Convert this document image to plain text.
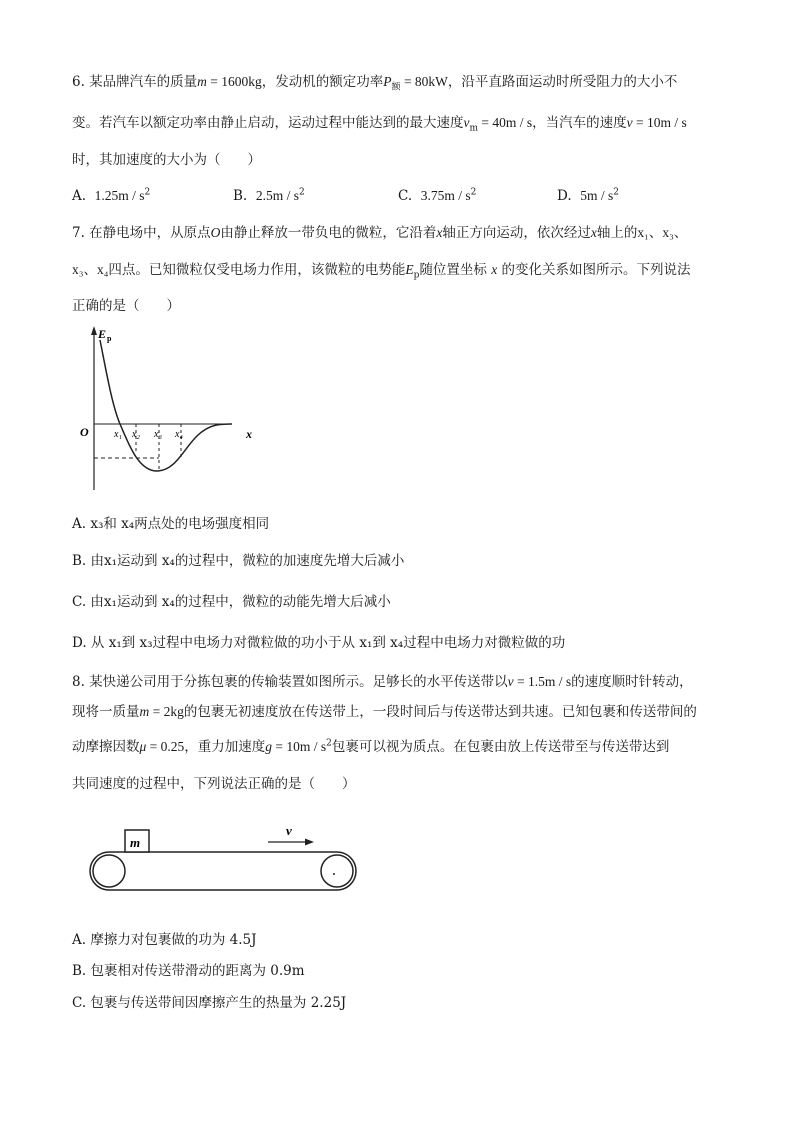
6. 某品牌汽车的质量m = 1600kg，发动机的额定功率$P_额 = 80kW$，沿平直路面运动时所受阻力的大小不
变。若汽车以额定功率由静止启动，运动过程中能达到的最大速度$v_m = 40m / s$，当汽车的速度v = 10m / s
时，其加速度的大小为（　　）
A. $1.25m / s^2$	B. $2.5m / s^2$	C. $3.75m / s^2$	D. $5m / s^2$
7. 在静电场中，从原点O由静止释放一带负电的微粒，它沿着x轴正方向运动，依次经过x轴上的x₁、x₃、
x₃、x₄四点。已知微粒仅受电场力作用，该微粒的电势能$E_p$随位置坐标 x 的变化关系如图所示。下列说法
正确的是（　　）
E p
O	x
x₁ x₂ x₃ x₄
A. x₃和 x₄两点处的电场强度相同
B. 由x₁运动到 x₄的过程中，微粒的加速度先增大后减小
C. 由x₁运动到 x₄的过程中，微粒的动能先增大后减小
D. 从 x₁到 x₃过程中电场力对微粒做的功小于从 x₁到 x₄过程中电场力对微粒做的功
8. 某快递公司用于分拣包裹的传输装置如图所示。足够长的水平传送带以v = 1.5m / s的速度顺时针转动，
现将一质量m = 2kg的包裹无初速度放在传送带上，一段时间后与传送带达到共速。已知包裹和传送带间的
动摩擦因数μ = 0.25，重力加速度$g = 10m / s^2$包裹可以视为质点。在包裹由放上传送带至与传送带达到
共同速度的过程中，下列说法正确的是（　　）
m
v
A. 摩擦力对包裹做的功为 4.5J
B. 包裹相对传送带滑动的距离为 0.9m
C. 包裹与传送带间因摩擦产生的热量为 2.25J
